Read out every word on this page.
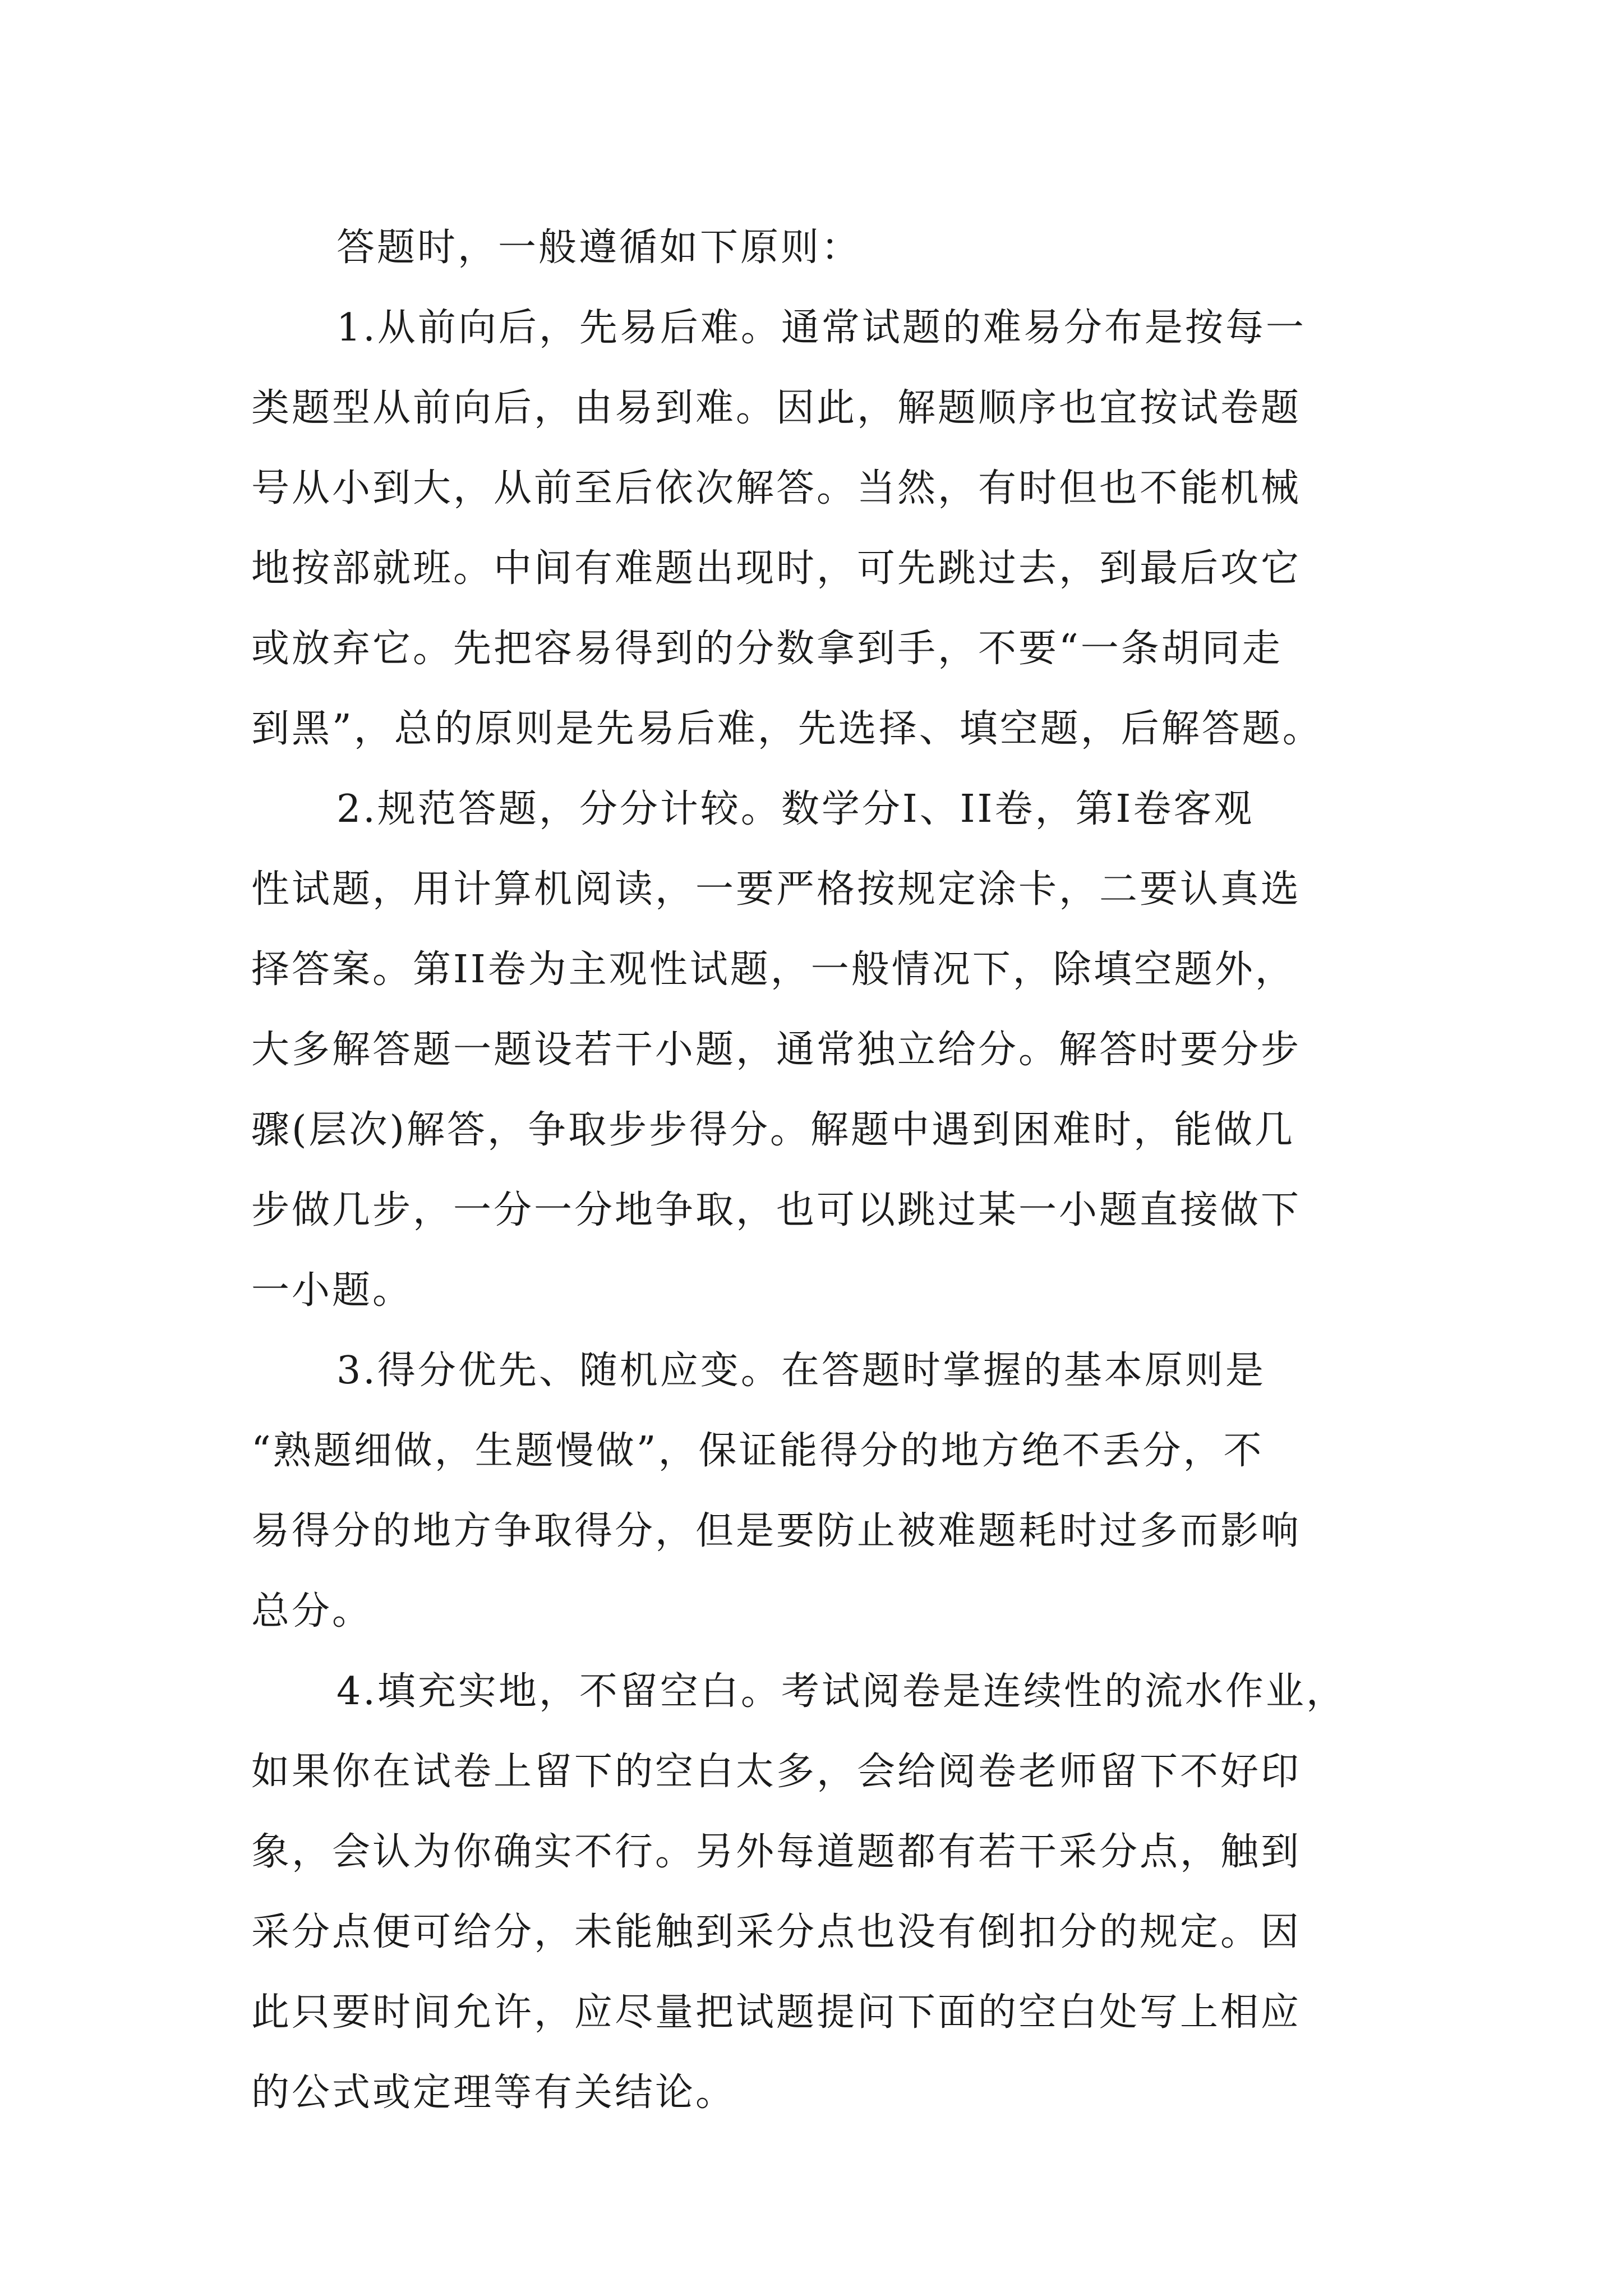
答题时，一般遵循如下原则：
1.从前向后，先易后难。通常试题的难易分布是按每一
类题型从前向后，由易到难。因此，解题顺序也宜按试卷题
号从小到大，从前至后依次解答。当然，有时但也不能机械
地按部就班。中间有难题出现时，可先跳过去，到最后攻它
或放弃它。先把容易得到的分数拿到手，不要“一条胡同走
到黑”，总的原则是先易后难，先选择、填空题，后解答题。
2.规范答题，分分计较。数学分I、II卷，第I卷客观
性试题，用计算机阅读，一要严格按规定涂卡，二要认真选
择答案。第II卷为主观性试题，一般情况下，除填空题外，
大多解答题一题设若干小题，通常独立给分。解答时要分步
骤(层次)解答，争取步步得分。解题中遇到困难时，能做几
步做几步，一分一分地争取，也可以跳过某一小题直接做下
一小题。
3.得分优先、随机应变。在答题时掌握的基本原则是
“熟题细做，生题慢做”，保证能得分的地方绝不丢分，不
易得分的地方争取得分，但是要防止被难题耗时过多而影响
总分。
4.填充实地，不留空白。考试阅卷是连续性的流水作业，
如果你在试卷上留下的空白太多，会给阅卷老师留下不好印
象，会认为你确实不行。另外每道题都有若干采分点，触到
采分点便可给分，未能触到采分点也没有倒扣分的规定。因
此只要时间允许，应尽量把试题提问下面的空白处写上相应
的公式或定理等有关结论。
